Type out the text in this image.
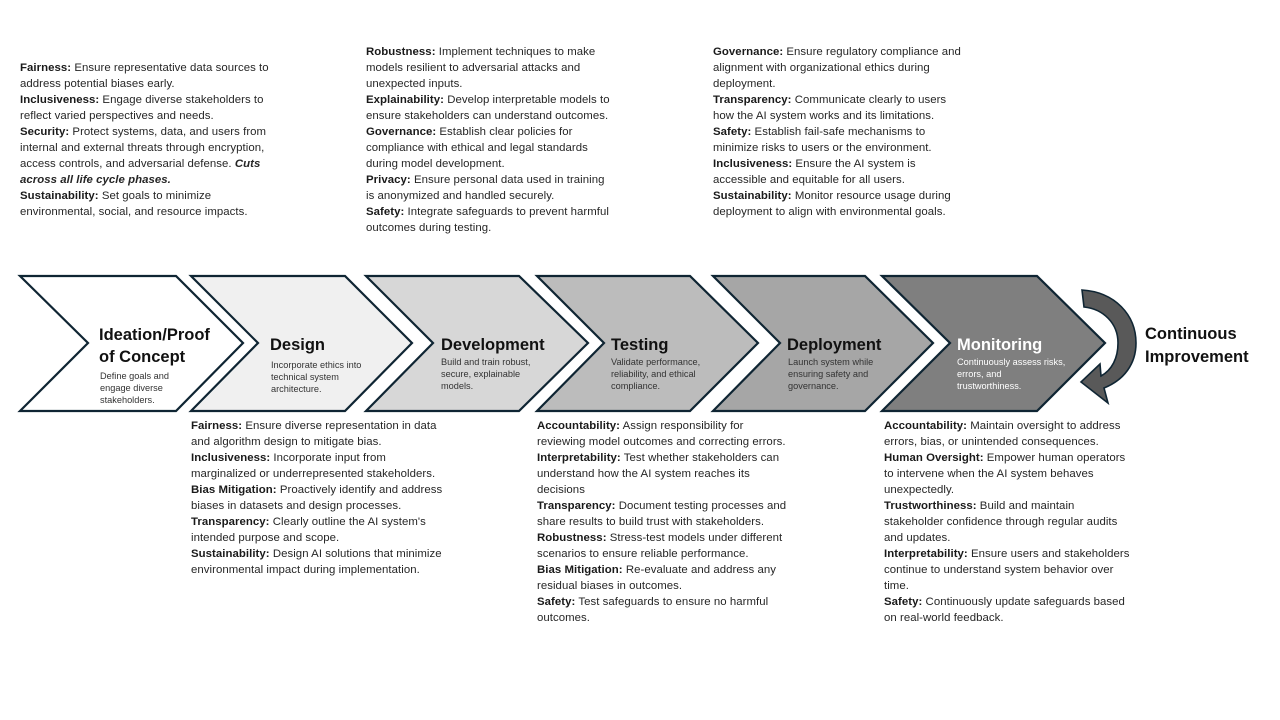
Ideation/Proof
of Concept
Define goals and
engage diverse
stakeholders.
Design
Incorporate ethics into
technical system
architecture.
Development
Build and train robust,
secure, explainable
models.
Testing
Validate performance,
reliability, and ethical
compliance.
Deployment
Launch system while
ensuring safety and
governance.
Monitoring
Continuously assess risks,
errors, and
trustworthiness.
Continuous
Improvement
Fairness: Ensure representative data sources to address potential biases early.
Inclusiveness: Engage diverse stakeholders to reflect varied perspectives and needs.
Security: Protect systems, data, and users from internal and external threats through encryption, access controls, and adversarial defense. Cuts across all life cycle phases.
Sustainability: Set goals to minimize environmental, social, and resource impacts.
Robustness: Implement techniques to make models resilient to adversarial attacks and unexpected inputs.
Explainability: Develop interpretable models to ensure stakeholders can understand outcomes.
Governance: Establish clear policies for compliance with ethical and legal standards during model development.
Privacy: Ensure personal data used in training is anonymized and handled securely.
Safety: Integrate safeguards to prevent harmful outcomes during testing.
Governance: Ensure regulatory compliance and alignment with organizational ethics during deployment.
Transparency: Communicate clearly to users how the AI system works and its limitations.
Safety: Establish fail-safe mechanisms to minimize risks to users or the environment.
Inclusiveness: Ensure the AI system is accessible and equitable for all users.
Sustainability: Monitor resource usage during deployment to align with environmental goals.
Fairness: Ensure diverse representation in data and algorithm design to mitigate bias.
Inclusiveness: Incorporate input from marginalized or underrepresented stakeholders.
Bias Mitigation: Proactively identify and address biases in datasets and design processes.
Transparency: Clearly outline the AI system's intended purpose and scope.
Sustainability: Design AI solutions that minimize environmental impact during implementation.
Accountability: Assign responsibility for reviewing model outcomes and correcting errors.
Interpretability: Test whether stakeholders can understand how the AI system reaches its decisions
Transparency: Document testing processes and share results to build trust with stakeholders.
Robustness: Stress-test models under different scenarios to ensure reliable performance.
Bias Mitigation: Re-evaluate and address any residual biases in outcomes.
Safety: Test safeguards to ensure no harmful outcomes.
Accountability: Maintain oversight to address errors, bias, or unintended consequences.
Human Oversight: Empower human operators to intervene when the AI system behaves unexpectedly.
Trustworthiness: Build and maintain stakeholder confidence through regular audits and updates.
Interpretability: Ensure users and stakeholders continue to understand system behavior over time.
Safety: Continuously update safeguards based on real-world feedback.
